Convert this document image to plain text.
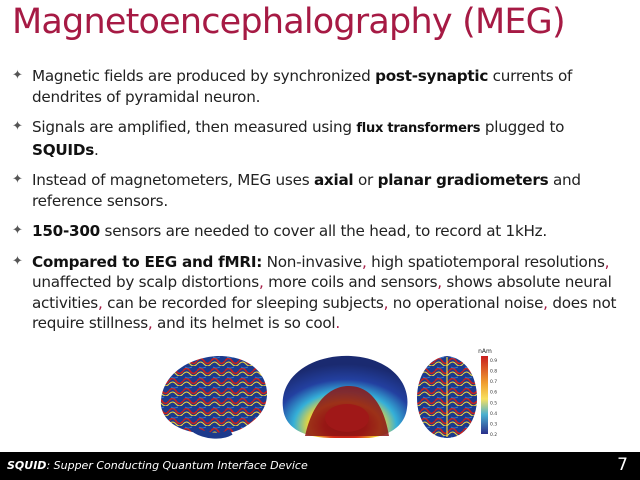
Magnetoencephalography (MEG)
✦ Magnetic fields are produced by synchronized post-synaptic currents of dendrites of pyramidal neuron.
✦ Signals are amplified, then measured using flux transformers plugged to SQUIDs.
✦ Instead of magnetometers, MEG uses axial or planar gradiometers and reference sensors.
✦ 150-300 sensors are needed to cover all the head, to record at 1kHz.
✦ Compared to EEG and fMRI: Non-invasive, high spatiotemporal resolutions, unaffected by scalp distortions, more coils and sensors, shows absolute neural activities, can be recorded for sleeping subjects, no operational noise, does not require stillness, and its helmet is so cool.
nAm
0.9
0.8
0.7
0.6
0.5
0.4
0.3
0.2
SQUID: Supper Conducting Quantum Interface Device	7
